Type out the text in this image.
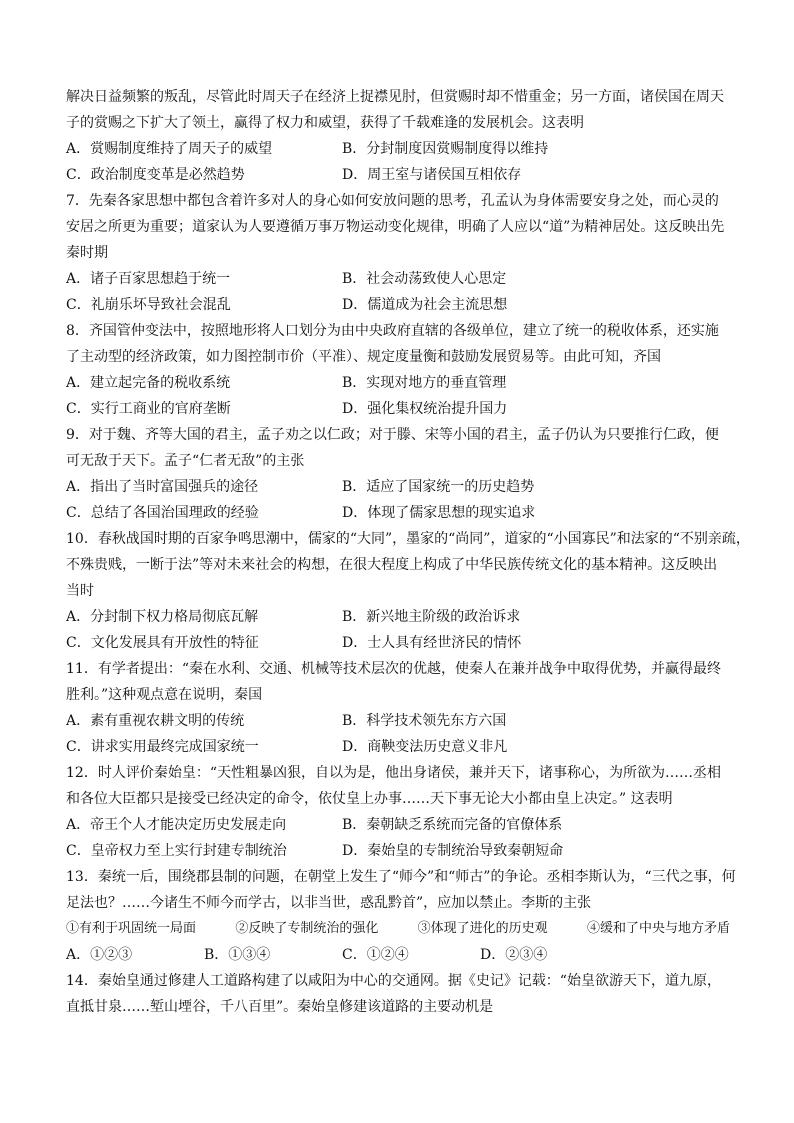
解决日益频繁的叛乱，尽管此时周天子在经济上捉襟见肘，但赏赐时却不惜重金；另一方面，诸侯国在周天
子的赏赐之下扩大了领土，赢得了权力和威望，获得了千载难逢的发展机会。这表明
A．赏赐制度维持了周天子的威望	B．分封制度因赏赐制度得以维持
C．政治制度变革是必然趋势	D．周王室与诸侯国互相依存
7．先秦各家思想中都包含着许多对人的身心如何安放问题的思考，孔孟认为身体需要安身之处，而心灵的
安居之所更为重要；道家认为人要遵循万事万物运动变化规律，明确了人应以“道”为精神居处。这反映出先
秦时期
A．诸子百家思想趋于统一	B．社会动荡致使人心思定
C．礼崩乐坏导致社会混乱	D．儒道成为社会主流思想
8．齐国管仲变法中，按照地形将人口划分为由中央政府直辖的各级单位，建立了统一的税收体系，还实施
了主动型的经济政策，如力图控制市价（平准）、规定度量衡和鼓励发展贸易等。由此可知，齐国
A．建立起完备的税收系统	B．实现对地方的垂直管理
C．实行工商业的官府垄断	D．强化集权统治提升国力
9．对于魏、齐等大国的君主，孟子劝之以仁政；对于滕、宋等小国的君主，孟子仍认为只要推行仁政，便
可无敌于天下。孟子“仁者无敌”的主张
A．指出了当时富国强兵的途径	B．适应了国家统一的历史趋势
C．总结了各国治国理政的经验	D．体现了儒家思想的现实追求
10．春秋战国时期的百家争鸣思潮中，儒家的“大同”，墨家的“尚同”，道家的“小国寡民”和法家的“不别亲疏，
不殊贵贱，一断于法”等对未来社会的构想，在很大程度上构成了中华民族传统文化的基本精神。这反映出
当时
A．分封制下权力格局彻底瓦解	B．新兴地主阶级的政治诉求
C．文化发展具有开放性的特征	D．士人具有经世济民的情怀
11．有学者提出：“秦在水利、交通、机械等技术层次的优越，使秦人在兼并战争中取得优势，并赢得最终
胜利。”这种观点意在说明，秦国
A．素有重视农耕文明的传统	B．科学技术领先东方六国
C．讲求实用最终完成国家统一	D．商鞅变法历史意义非凡
12．时人评价秦始皇：“天性粗暴凶狠，自以为是，他出身诸侯，兼并天下，诸事称心，为所欲为……丞相
和各位大臣都只是接受已经决定的命令，依仗皇上办事……天下事无论大小都由皇上决定。” 这表明
A．帝王个人才能决定历史发展走向	B．秦朝缺乏系统而完备的官僚体系
C．皇帝权力至上实行封建专制统治	D．秦始皇的专制统治导致秦朝短命
13．秦统一后，围绕郡县制的问题，在朝堂上发生了“师今”和“师古”的争论。丞相李斯认为，“三代之事，何
足法也？……今诸生不师今而学古，以非当世，惑乱黔首”，应加以禁止。李斯的主张
①有利于巩固统一局面	②反映了专制统治的强化	③体现了进化的历史观	④缓和了中央与地方矛盾
A．①②③	B．①③④	C．①②④	D．②③④
14．秦始皇通过修建人工道路构建了以咸阳为中心的交通网。据《史记》记载：“始皇欲游天下，道九原，
直抵甘泉……堑山堙谷，千八百里”。秦始皇修建该道路的主要动机是
